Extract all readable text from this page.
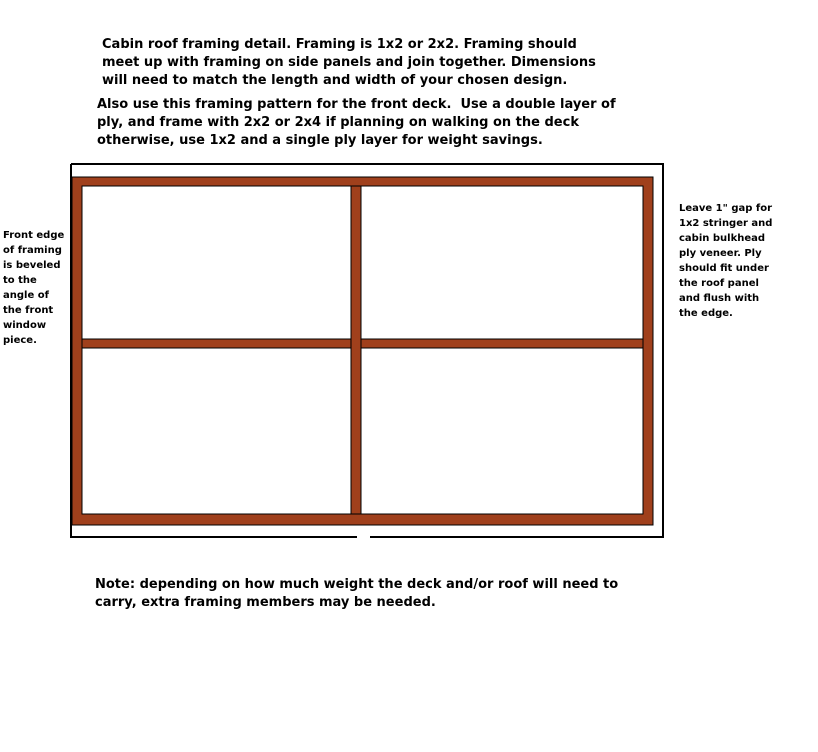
Cabin roof framing detail. Framing is 1x2 or 2x2. Framing should
meet up with framing on side panels and join together. Dimensions
will need to match the length and width of your chosen design.
Also use this framing pattern for the front deck.  Use a double layer of
ply, and frame with 2x2 or 2x4 if planning on walking on the deck
otherwise, use 1x2 and a single ply layer for weight savings.
Front edge
of framing
is beveled
to the
angle of
the front
window
piece.
Leave 1" gap for
1x2 stringer and
cabin bulkhead
ply veneer. Ply
should fit under
the roof panel
and flush with
the edge.
Note: depending on how much weight the deck and/or roof will need to
carry, extra framing members may be needed.
